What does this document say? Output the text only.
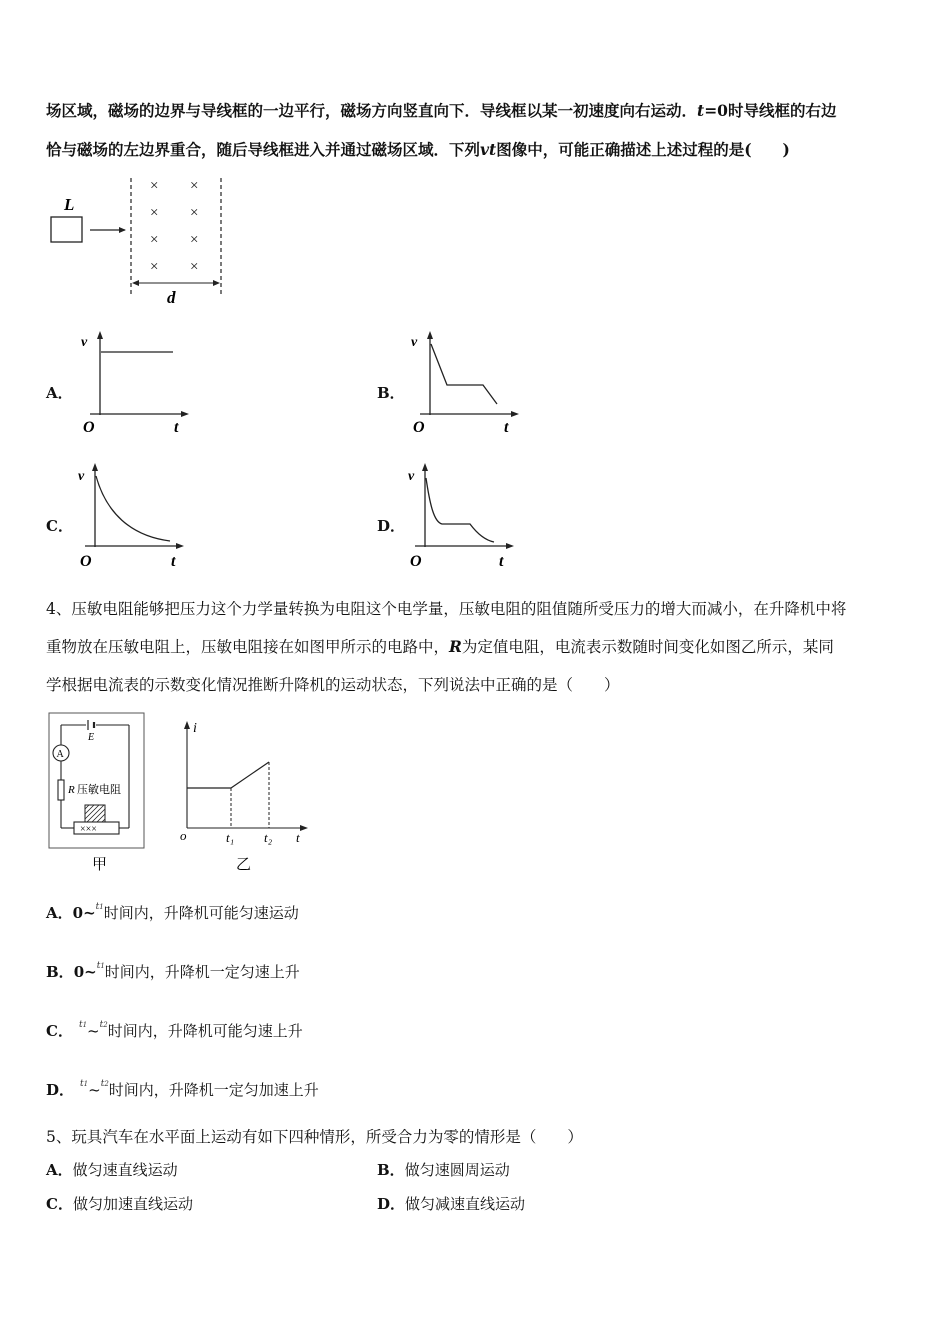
场区域，磁场的边界与导线框的一边平行，磁场方向竖直向下．导线框以某一初速度向右运动．t=0时导线框的右边
恰与磁场的左边界重合，随后导线框进入并通过磁场区域．下列vt图像中，可能正确描述上述过程的是(　　)
L
× ×
× ×
× ×
× ×
d
A．
v
O	t
B．
v
O	t
C．
v
O	t
D．
v
O	t
4、压敏电阻能够把压力这个力学量转换为电阻这个电学量，压敏电阻的阻值随所受压力的增大而减小，在升降机中将
重物放在压敏电阻上，压敏电阻接在如图甲所示的电路中，R为定值电阻，电流表示数随时间变化如图乙所示，某同
学根据电流表的示数变化情况推断升降机的运动状态，下列说法中正确的是（　　）
E
A
R 压敏电阻
×××
甲
i
o	t₁ t₂ t
乙
A．0~$^{t1}$时间内，升降机可能匀速运动
B．0~$^{t1}$时间内，升降机一定匀速上升
C． $^{t1}$~$^{t2}$时间内，升降机可能匀速上升
D． $^{t1}$~$^{t2}$时间内，升降机一定匀加速上升
5、玩具汽车在水平面上运动有如下四种情形，所受合力为零的情形是（　　）
A．做匀速直线运动	B．做匀速圆周运动
C．做匀加速直线运动	D．做匀减速直线运动
